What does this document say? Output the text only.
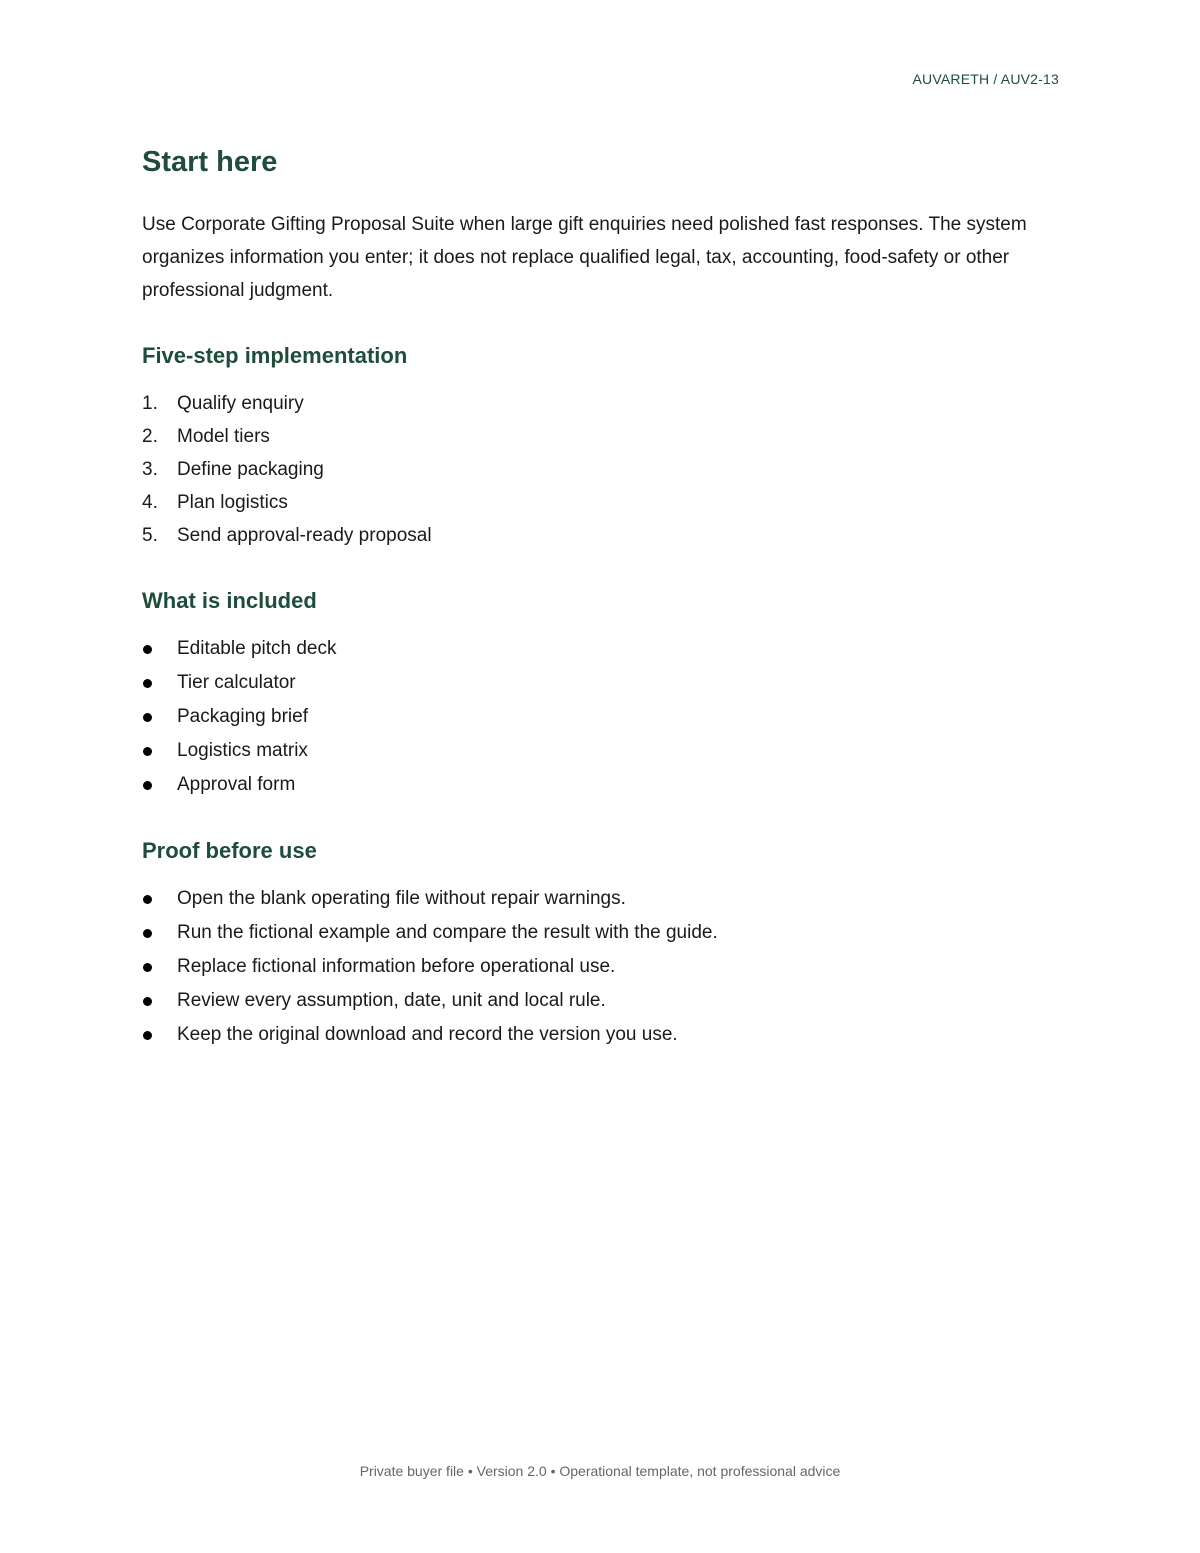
AUVARETH / AUV2-13
Start here

Use Corporate Gifting Proposal Suite when large gift enquiries need polished fast responses. The system organizes information you enter; it does not replace qualified legal, tax, accounting, food-safety or other professional judgment.

Five-step implementation
1. Qualify enquiry
2. Model tiers
3. Define packaging
4. Plan logistics
5. Send approval-ready proposal
What is included
Editable pitch deck
Tier calculator
Packaging brief
Logistics matrix
Approval form
Proof before use
Open the blank operating file without repair warnings.
Run the fictional example and compare the result with the guide.
Replace fictional information before operational use.
Review every assumption, date, unit and local rule.
Keep the original download and record the version you use.
Private buyer file • Version 2.0 • Operational template, not professional advice
